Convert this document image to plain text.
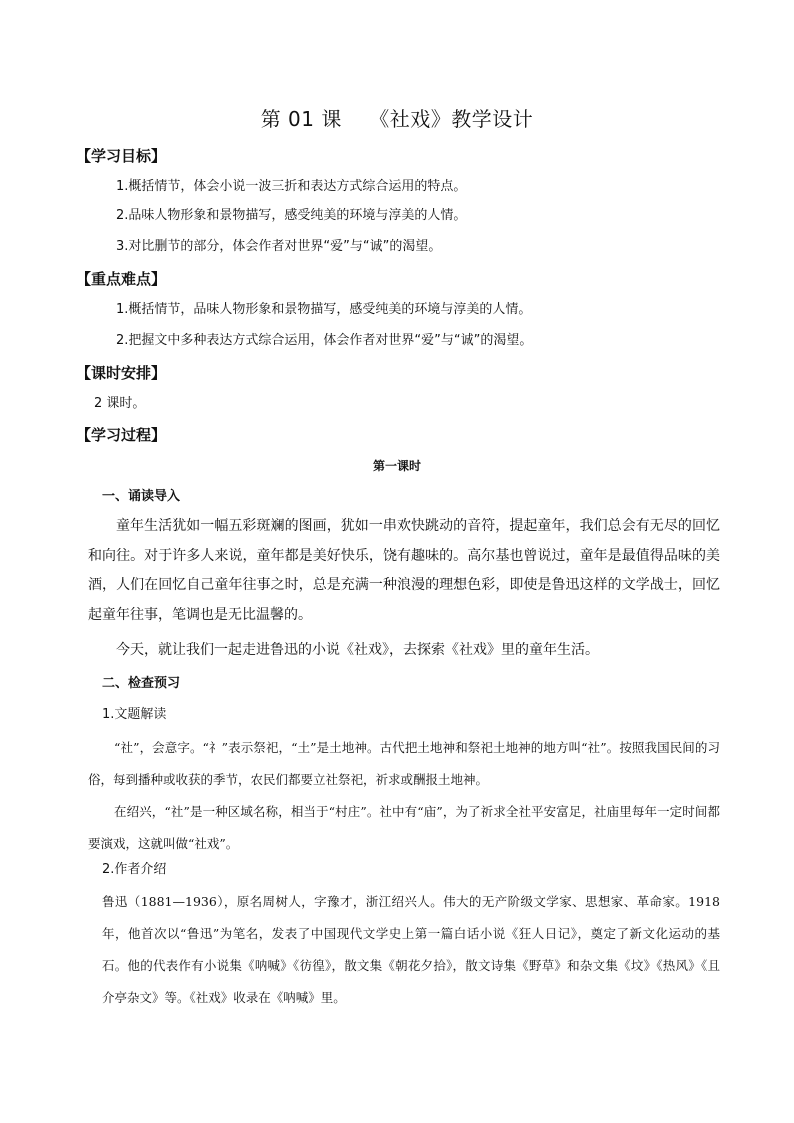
第 01 课    《社戏》教学设计
【学习目标】
1.概括情节，体会小说一波三折和表达方式综合运用的特点。
2.品味人物形象和景物描写，感受纯美的环境与淳美的人情。
3.对比删节的部分，体会作者对世界“爱”与“诚”的渴望。
【重点难点】
1.概括情节，品味人物形象和景物描写，感受纯美的环境与淳美的人情。
2.把握文中多种表达方式综合运用，体会作者对世界“爱”与“诚”的渴望。
【课时安排】
2 课时。
【学习过程】
第一课时
一、诵读导入
童年生活犹如一幅五彩斑斓的图画，犹如一串欢快跳动的音符，提起童年，我们总会有无尽的回忆和向往。对于许多人来说，童年都是美好快乐，饶有趣味的。高尔基也曾说过，童年是最值得品味的美酒，人们在回忆自己童年往事之时，总是充满一种浪漫的理想色彩，即使是鲁迅这样的文学战士，回忆起童年往事，笔调也是无比温馨的。
今天，就让我们一起走进鲁迅的小说《社戏》，去探索《社戏》里的童年生活。
二、检查预习
1.文题解读
“社”，会意字。“礻”表示祭祀，“土”是土地神。古代把土地神和祭祀土地神的地方叫“社”。按照我国民间的习俗，每到播种或收获的季节，农民们都要立社祭祀，祈求或酬报土地神。
在绍兴，“社”是一种区域名称，相当于“村庄”。社中有“庙”，为了祈求全社平安富足，社庙里每年一定时间都要演戏，这就叫做“社戏”。
2.作者介绍
鲁迅（1881—1936），原名周树人，字豫才，浙江绍兴人。伟大的无产阶级文学家、思想家、革命家。1918 年，他首次以“鲁迅”为笔名，发表了中国现代文学史上第一篇白话小说《狂人日记》，奠定了新文化运动的基石。他的代表作有小说集《呐喊》《彷徨》，散文集《朝花夕拾》，散文诗集《野草》和杂文集《坟》《热风》《且介亭杂文》等。《社戏》收录在《呐喊》里。
